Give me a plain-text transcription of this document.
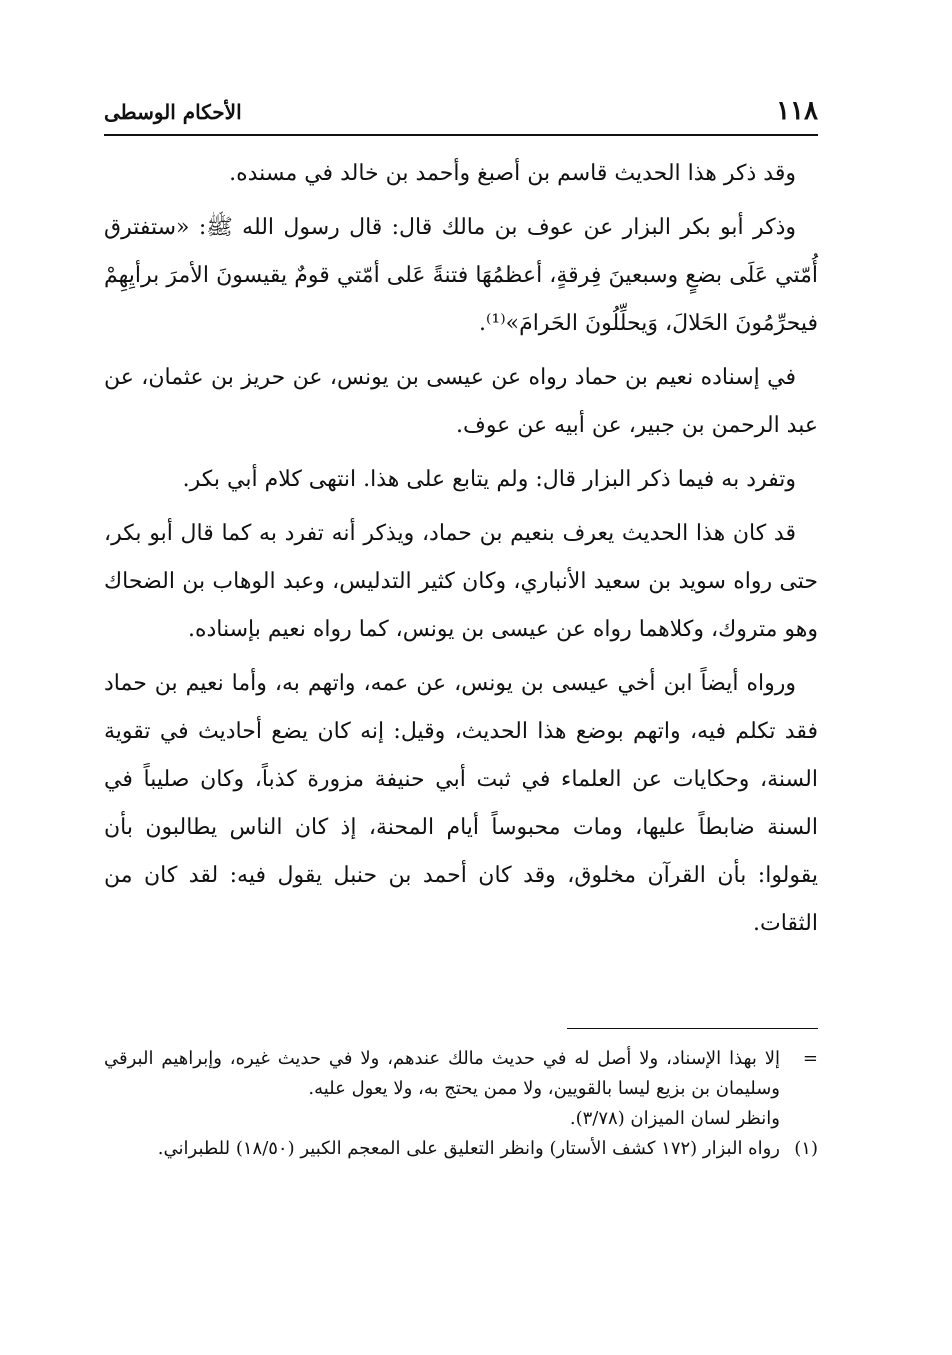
١١٨
الأحكام الوسطى

وقد ذكر هذا الحديث قاسم بن أصبغ وأحمد بن خالد في مسنده.

وذكر أبو بكر البزار عن عوف بن مالك قال: قال رسول الله ﷺ: «ستفترق أُمّتي عَلَى بضعٍ وسبعينَ فِرقةٍ، أعظمُهَا فتنةً عَلى أمّتي قومٌ يقيسونَ الأمرَ برأيِهِمْ فيحرِّمُونَ الحَلالَ، وَيحلِّلُونَ الحَرامَ»⁽¹⁾.

في إسناده نعيم بن حماد رواه عن عيسى بن يونس، عن حريز بن عثمان، عن عبد الرحمن بن جبير، عن أبيه عن عوف.

وتفرد به فيما ذكر البزار قال: ولم يتابع على هذا. انتهى كلام أبي بكر.

قد كان هذا الحديث يعرف بنعيم بن حماد، ويذكر أنه تفرد به كما قال أبو بكر، حتى رواه سويد بن سعيد الأنباري، وكان كثير التدليس، وعبد الوهاب بن الضحاك وهو متروك، وكلاهما رواه عن عيسى بن يونس، كما رواه نعيم بإسناده.

ورواه أيضاً ابن أخي عيسى بن يونس، عن عمه، واتهم به، وأما نعيم بن حماد فقد تكلم فيه، واتهم بوضع هذا الحديث، وقيل: إنه كان يضع أحاديث في تقوية السنة، وحكايات عن العلماء في ثبت أبي حنيفة مزورة كذباً، وكان صليباً في السنة ضابطاً عليها، ومات محبوساً أيام المحنة، إذ كان الناس يطالبون بأن يقولوا: بأن القرآن مخلوق، وقد كان أحمد بن حنبل يقول فيه: لقد كان من الثقات.

=
إلا بهذا الإسناد، ولا أصل له في حديث مالك عندهم، ولا في حديث غيره، وإبراهيم البرقي وسليمان بن بزيع ليسا بالقويين، ولا ممن يحتج به، ولا يعول عليه.

وانظر لسان الميزان (٣/٧٨).

(١)
رواه البزار (١٧٢ كشف الأستار) وانظر التعليق على المعجم الكبير (١٨/٥٠) للطبراني.
